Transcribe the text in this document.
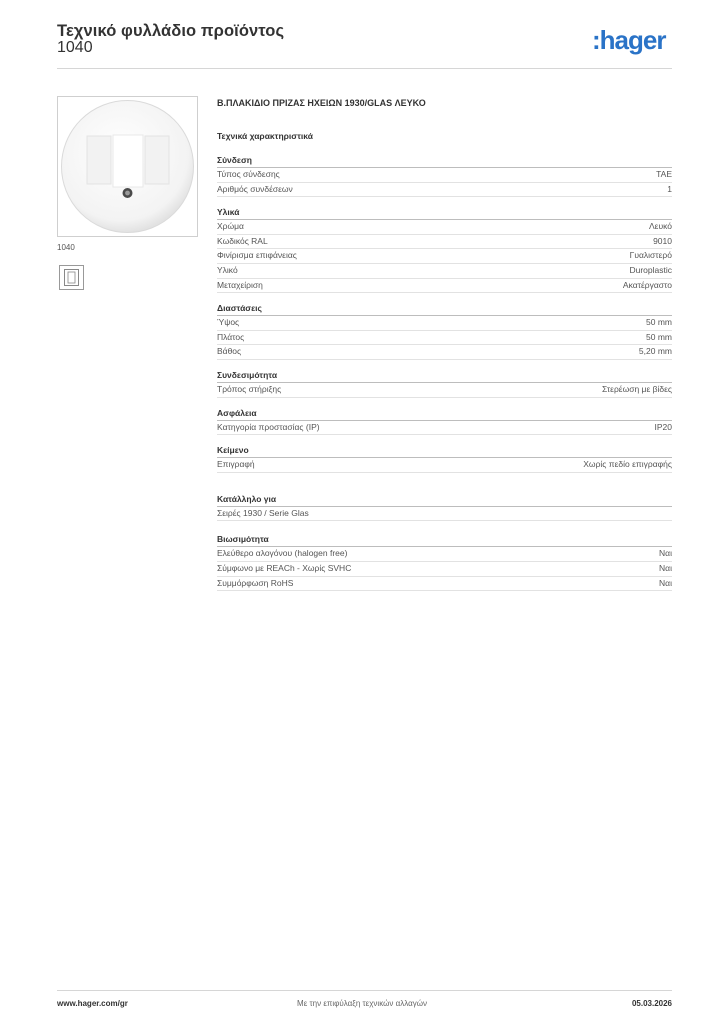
Τεχνικό φυλλάδιο προϊόντος
1040	:hager
1040
Β.ΠΛΑΚΙΔΙΟ ΠΡΙΖΑΣ ΗΧΕΙΩΝ 1930/GLAS ΛΕΥΚΟ
Τεχνικά χαρακτηριστικά
Σύνδεση
Τύπος σύνδεσης	TAE
Αριθμός συνδέσεων	1
Υλικά
Χρώμα	Λευκό
Κωδικός RAL	9010
Φινίρισμα επιφάνειας	Γυαλιστερό
Υλικό	Duroplastic
Μεταχείριση	Ακατέργαστο
Διαστάσεις
Ύψος	50 mm
Πλάτος	50 mm
Βάθος	5,20 mm
Συνδεσιμότητα
Τρόπος στήριξης	Στερέωση με βίδες
Ασφάλεια
Κατηγορία προστασίας (IP)	IP20
Κείμενο
Επιγραφή	Χωρίς πεδίο επιγραφής
Κατάλληλο για
Σειρές 1930 / Serie Glas
Βιωσιμότητα
Ελεύθερο αλογόνου (halogen free)	Ναι
Σύμφωνο με REACh - Χωρίς SVHC	Ναι
Συμμόρφωση RoHS	Ναι
www.hager.com/gr	Με την επιφύλαξη τεχνικών αλλαγών	05.03.2026
